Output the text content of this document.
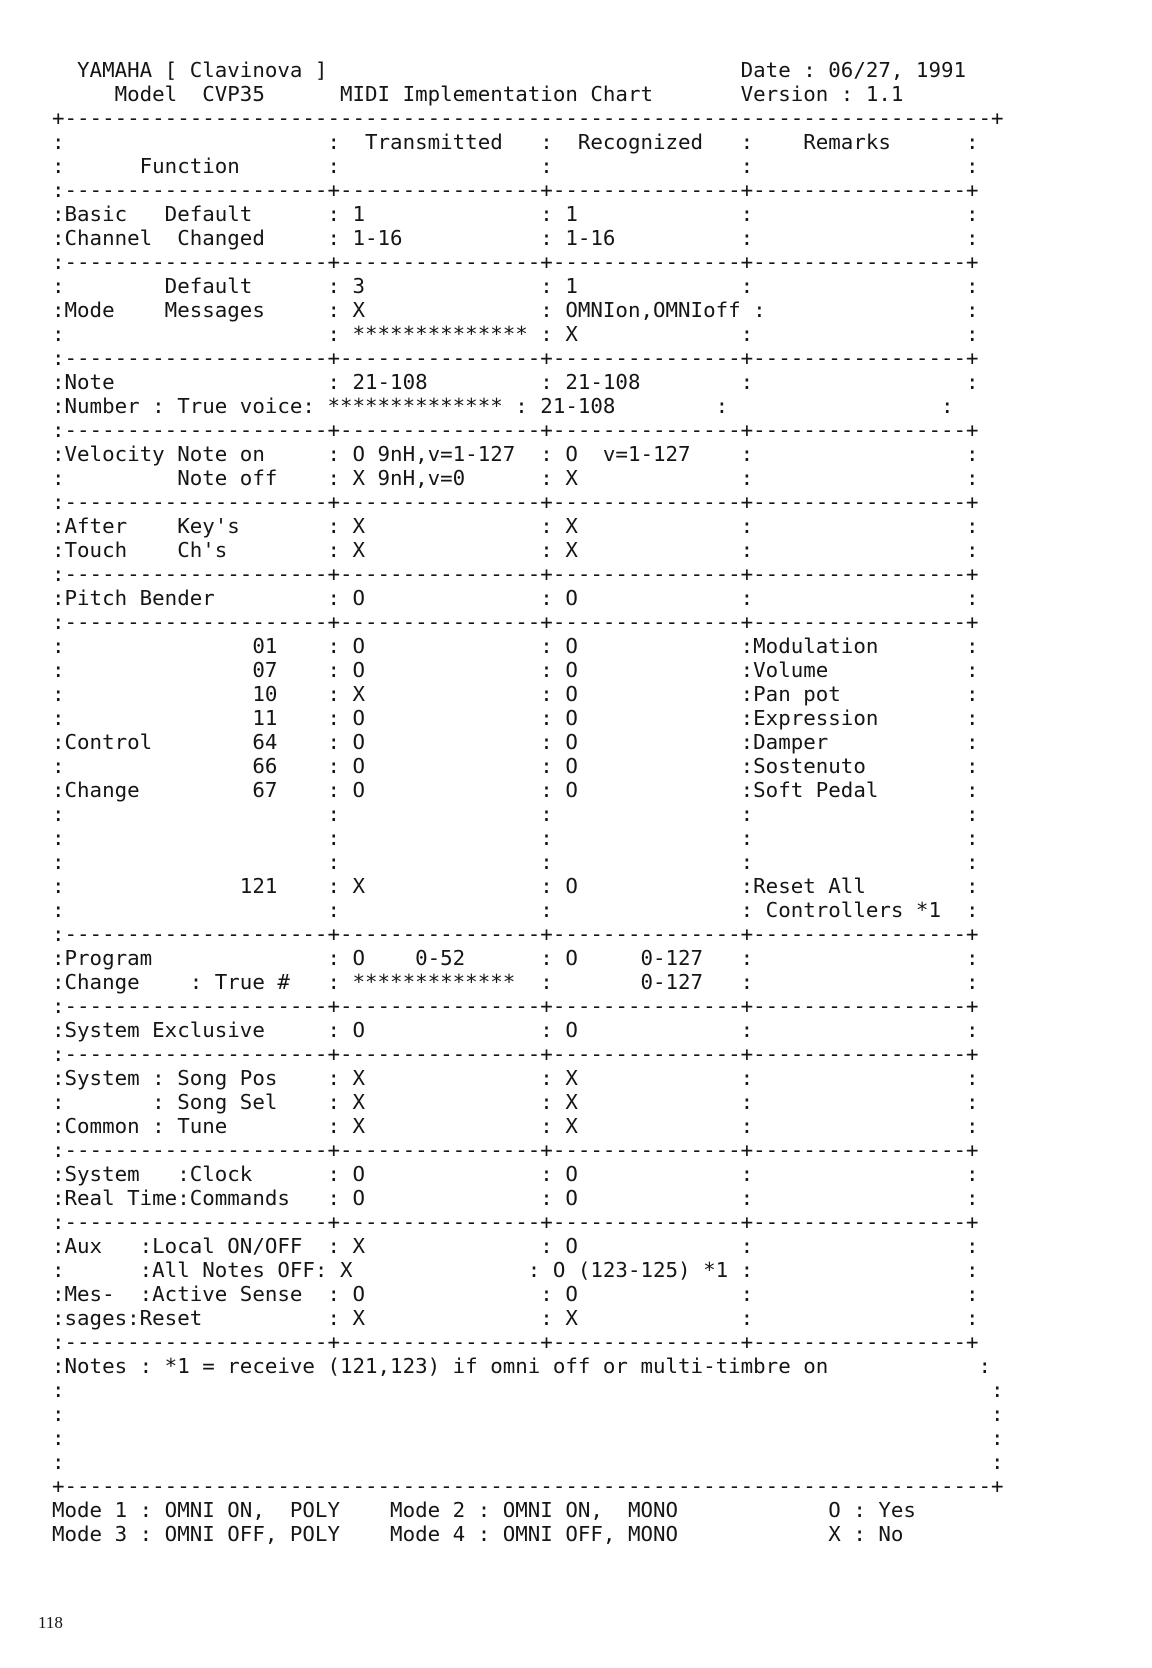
YAMAHA [ Clavinova ]                                 Date : 06/27, 1991
Model  CVP35      MIDI Implementation Chart       Version : 1.1
+--------------------------------------------------------------------------+
:                     :  Transmitted   :  Recognized   :    Remarks      :
:      Function       :                :               :                 :
:---------------------+----------------+---------------+-----------------+
:Basic   Default      : 1              : 1             :                 :
:Channel  Changed     : 1-16           : 1-16          :                 :
:---------------------+----------------+---------------+-----------------+
:        Default      : 3              : 1             :                 :
:Mode    Messages     : X              : OMNIon,OMNIoff :                :
:                     : ************** : X             :                 :
:---------------------+----------------+---------------+-----------------+
:Note                 : 21-108         : 21-108        :                 :
:Number : True voice: ************** : 21-108        :                 :
:---------------------+----------------+---------------+-----------------+
:Velocity Note on     : O 9nH,v=1-127  : O  v=1-127    :                 :
:         Note off    : X 9nH,v=0      : X             :                 :
:---------------------+----------------+---------------+-----------------+
:After    Key's       : X              : X             :                 :
:Touch    Ch's        : X              : X             :                 :
:---------------------+----------------+---------------+-----------------+
:Pitch Bender         : O              : O             :                 :
:---------------------+----------------+---------------+-----------------+
:               01    : O              : O             :Modulation       :
:               07    : O              : O             :Volume           :
:               10    : X              : O             :Pan pot          :
:               11    : O              : O             :Expression       :
:Control        64    : O              : O             :Damper           :
:               66    : O              : O             :Sostenuto        :
:Change         67    : O              : O             :Soft Pedal       :
:                     :                :               :                 :
:                     :                :               :                 :
:                     :                :               :                 :
:              121    : X              : O             :Reset All        :
:                     :                :               : Controllers *1  :
:---------------------+----------------+---------------+-----------------+
:Program              : O    0-52      : O     0-127   :                 :
:Change    : True #   : *************  :       0-127   :                 :
:---------------------+----------------+---------------+-----------------+
:System Exclusive     : O              : O             :                 :
:---------------------+----------------+---------------+-----------------+
:System : Song Pos    : X              : X             :                 :
:       : Song Sel    : X              : X             :                 :
:Common : Tune        : X              : X             :                 :
:---------------------+----------------+---------------+-----------------+
:System   :Clock      : O              : O             :                 :
:Real Time:Commands   : O              : O             :                 :
:---------------------+----------------+---------------+-----------------+
:Aux   :Local ON/OFF  : X              : O             :                 :
:      :All Notes OFF: X              : O (123-125) *1 :                 :
:Mes-  :Active Sense  : O              : O             :                 :
:sages:Reset          : X              : X             :                 :
:---------------------+----------------+---------------+-----------------+
:Notes : *1 = receive (121,123) if omni off or multi-timbre on            :
:                                                                          :
:                                                                          :
:                                                                          :
:                                                                          :
+--------------------------------------------------------------------------+
Mode 1 : OMNI ON,  POLY    Mode 2 : OMNI ON,  MONO            O : Yes
Mode 3 : OMNI OFF, POLY    Mode 4 : OMNI OFF, MONO            X : No
118
